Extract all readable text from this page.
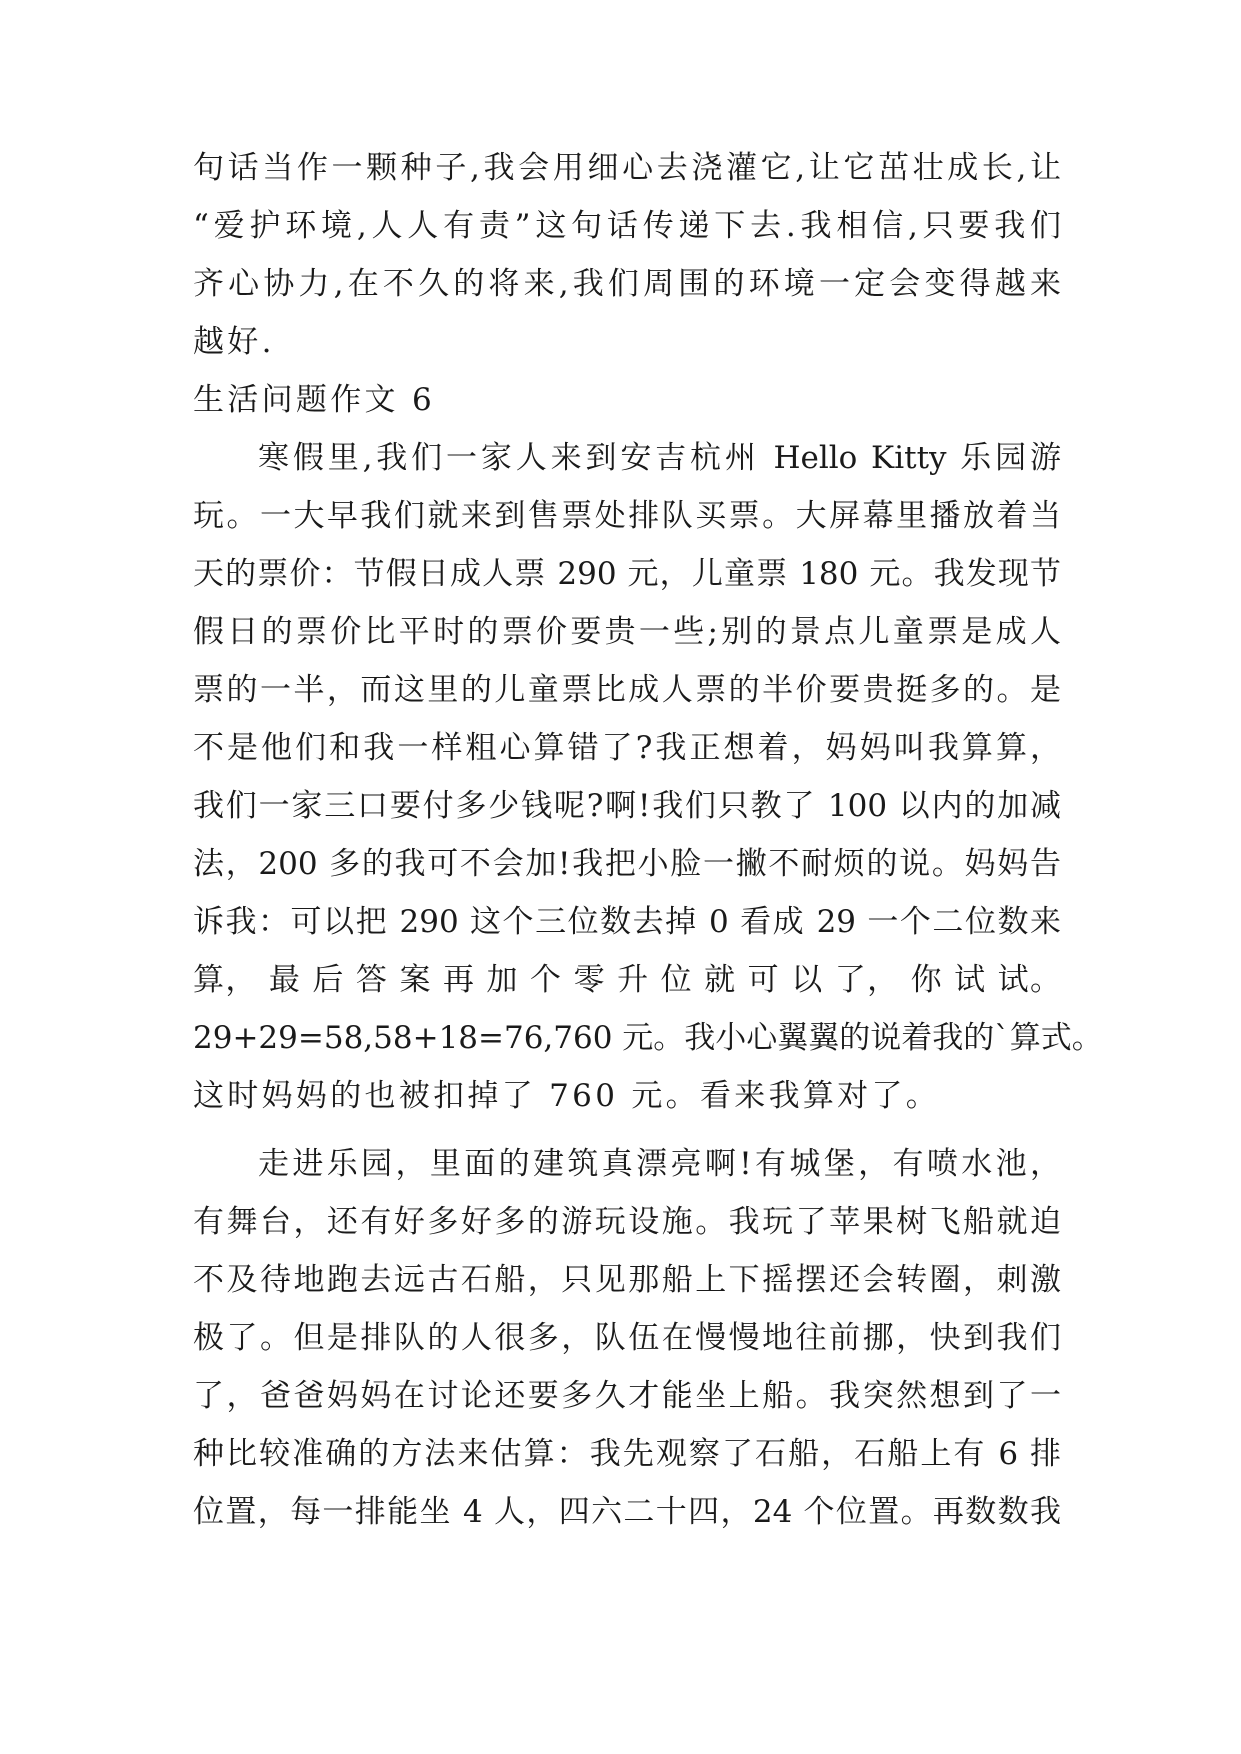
句话当作一颗种子,我会用细心去浇灌它,让它茁壮成长,让
“爱护环境,人人有责”这句话传递下去.我相信,只要我们
齐心协力,在不久的将来,我们周围的环境一定会变得越来
越好.
生活问题作文 6
寒假里,我们一家人来到安吉杭州 Hello Kitty 乐园游
玩。一大早我们就来到售票处排队买票。大屏幕里播放着当
天的票价：节假日成人票 290 元，儿童票 180 元。我发现节
假日的票价比平时的票价要贵一些;别的景点儿童票是成人
票的一半，而这里的儿童票比成人票的半价要贵挺多的。是
不是他们和我一样粗心算错了?我正想着，妈妈叫我算算，
我们一家三口要付多少钱呢?啊!我们只教了 100 以内的加减
法，200 多的我可不会加!我把小脸一撇不耐烦的说。妈妈告
诉我：可以把 290 这个三位数去掉 0 看成 29 一个二位数来
算， 最 后 答 案 再 加 个 零 升 位 就 可 以 了， 你 试 试。
29+29=58,58+18=76,760 元。我小心翼翼的说着我的`算式。
这时妈妈的也被扣掉了 760 元。看来我算对了。
走进乐园，里面的建筑真漂亮啊!有城堡，有喷水池，
有舞台，还有好多好多的游玩设施。我玩了苹果树飞船就迫
不及待地跑去远古石船，只见那船上下摇摆还会转圈，刺激
极了。但是排队的人很多，队伍在慢慢地往前挪，快到我们
了，爸爸妈妈在讨论还要多久才能坐上船。我突然想到了一
种比较准确的方法来估算：我先观察了石船，石船上有 6 排
位置，每一排能坐 4 人，四六二十四，24 个位置。再数数我
